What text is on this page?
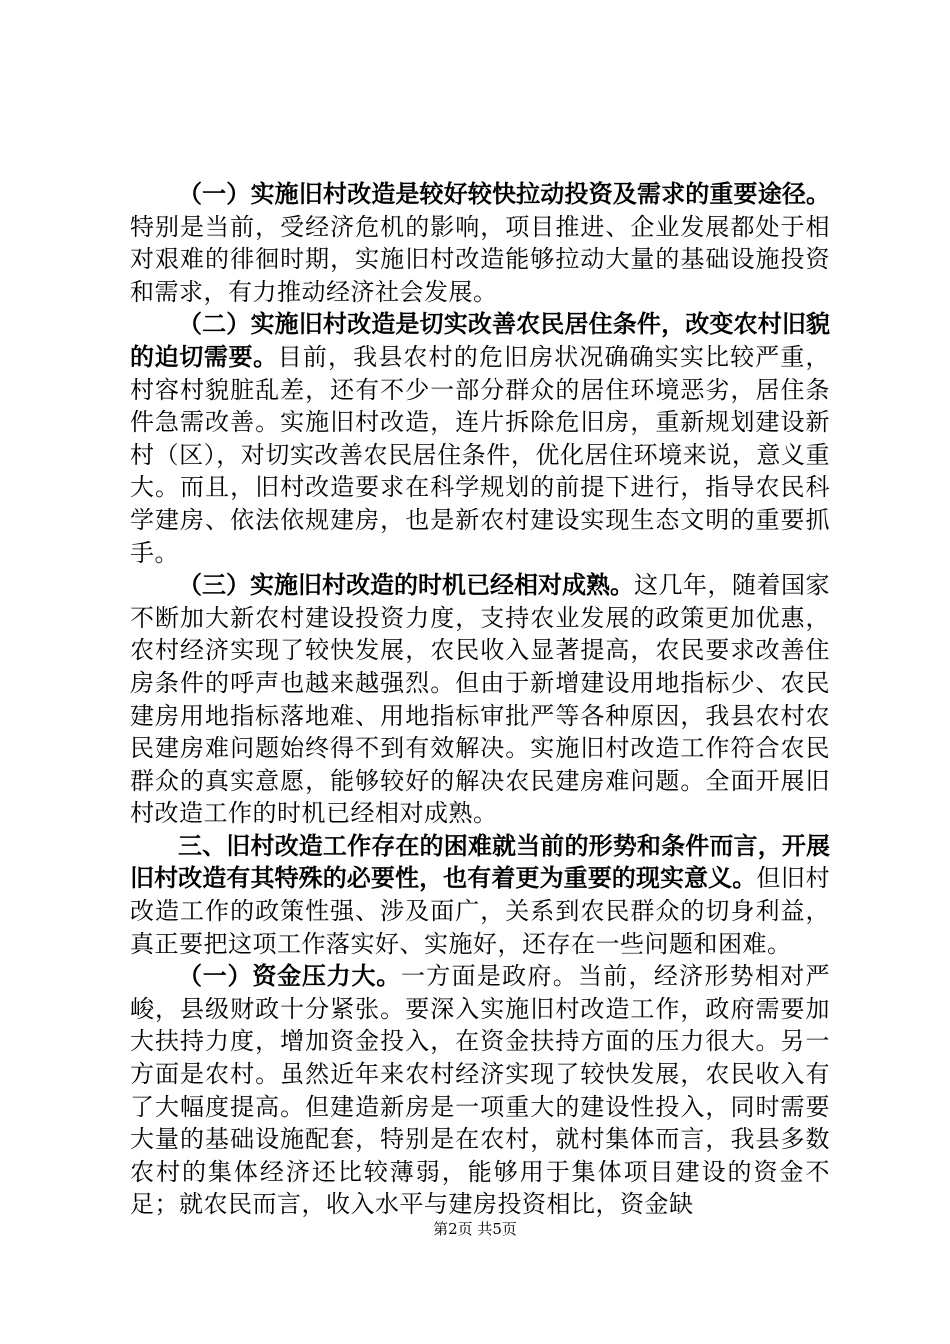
（一）实施旧村改造是较好较快拉动投资及需求的重要途径。特别是当前，受经济危机的影响，项目推进、企业发展都处于相对艰难的徘徊时期，实施旧村改造能够拉动大量的基础设施投资和需求，有力推动经济社会发展。

（二）实施旧村改造是切实改善农民居住条件，改变农村旧貌的迫切需要。目前，我县农村的危旧房状况确确实实比较严重，村容村貌脏乱差，还有不少一部分群众的居住环境恶劣，居住条件急需改善。实施旧村改造，连片拆除危旧房，重新规划建设新村（区），对切实改善农民居住条件，优化居住环境来说，意义重大。而且，旧村改造要求在科学规划的前提下进行，指导农民科学建房、依法依规建房，也是新农村建设实现生态文明的重要抓手。

（三）实施旧村改造的时机已经相对成熟。这几年，随着国家不断加大新农村建设投资力度，支持农业发展的政策更加优惠，农村经济实现了较快发展，农民收入显著提高，农民要求改善住房条件的呼声也越来越强烈。但由于新增建设用地指标少、农民建房用地指标落地难、用地指标审批严等各种原因，我县农村农民建房难问题始终得不到有效解决。实施旧村改造工作符合农民群众的真实意愿，能够较好的解决农民建房难问题。全面开展旧村改造工作的时机已经相对成熟。

三、旧村改造工作存在的困难就当前的形势和条件而言，开展旧村改造有其特殊的必要性，也有着更为重要的现实意义。但旧村改造工作的政策性强、涉及面广，关系到农民群众的切身利益，真正要把这项工作落实好、实施好，还存在一些问题和困难。

（一）资金压力大。一方面是政府。当前，经济形势相对严峻，县级财政十分紧张。要深入实施旧村改造工作，政府需要加大扶持力度，增加资金投入，在资金扶持方面的压力很大。另一方面是农村。虽然近年来农村经济实现了较快发展，农民收入有了大幅度提高。但建造新房是一项重大的建设性投入，同时需要大量的基础设施配套，特别是在农村，就村集体而言，我县多数农村的集体经济还比较薄弱，能够用于集体项目建设的资金不足；就农民而言，收入水平与建房投资相比，资金缺

第2页 共5页
